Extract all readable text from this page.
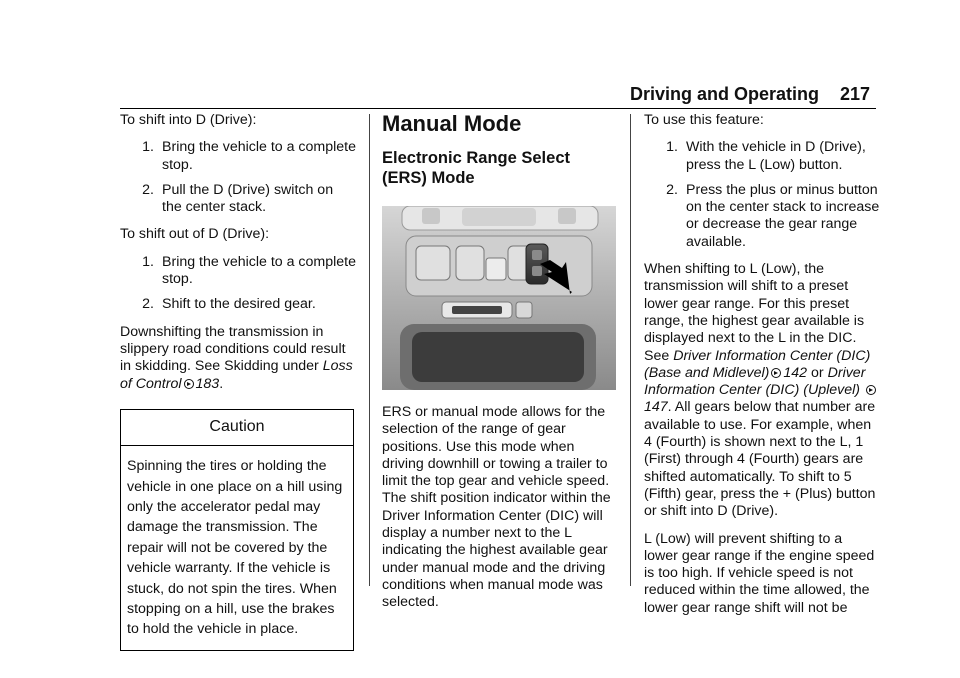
Driving and Operating 217

To shift into D (Drive):

1. Bring the vehicle to a complete stop.
2. Pull the D (Drive) switch on the center stack.

To shift out of D (Drive):

1. Bring the vehicle to a complete stop.
2. Shift to the desired gear.

Downshifting the transmission in slippery road conditions could result in skidding. See Skidding under Loss of Control 183.

Caution
Spinning the tires or holding the vehicle in one place on a hill using only the accelerator pedal may damage the transmission. The repair will not be covered by the vehicle warranty. If the vehicle is stuck, do not spin the tires. When stopping on a hill, use the brakes to hold the vehicle in place.
Manual Mode
Electronic Range Select
(ERS) Mode

ERS or manual mode allows for the selection of the range of gear positions. Use this mode when driving downhill or towing a trailer to limit the top gear and vehicle speed. The shift position indicator within the Driver Information Center (DIC) will display a number next to the L indicating the highest available gear under manual mode and the driving conditions when manual mode was selected.

To use this feature:

1. With the vehicle in D (Drive), press the L (Low) button.
2. Press the plus or minus button on the center stack to increase or decrease the gear range available.

When shifting to L (Low), the transmission will shift to a preset lower gear range. For this preset range, the highest gear available is displayed next to the L in the DIC. See Driver Information Center (DIC) (Base and Midlevel) 142 or Driver Information Center (DIC) (Uplevel) 147. All gears below that number are available to use. For example, when 4 (Fourth) is shown next to the L, 1 (First) through 4 (Fourth) gears are shifted automatically. To shift to 5 (Fifth) gear, press the + (Plus) button or shift into D (Drive).

L (Low) will prevent shifting to a lower gear range if the engine speed is too high. If vehicle speed is not reduced within the time allowed, the lower gear range shift will not be
